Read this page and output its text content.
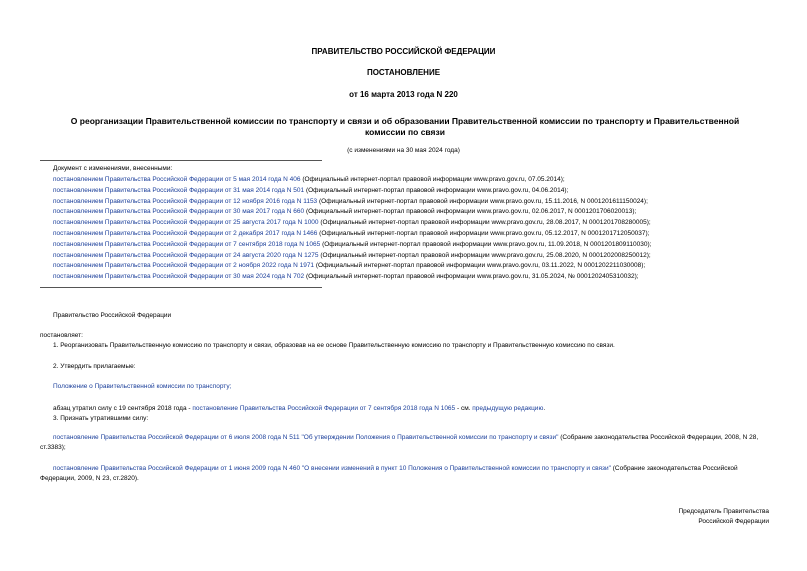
ПРАВИТЕЛЬСТВО РОССИЙСКОЙ ФЕДЕРАЦИИ
ПОСТАНОВЛЕНИЕ
от 16 марта 2013 года N 220
О реорганизации Правительственной комиссии по транспорту и связи и об образовании Правительственной комиссии по транспорту и Правительственной комиссии по связи
(с изменениями на 30 мая 2024 года)
Документ с изменениями, внесенными:
постановлением Правительства Российской Федерации от 5 мая 2014 года N 406 (Официальный интернет-портал правовой информации www.pravo.gov.ru, 07.05.2014);
постановлением Правительства Российской Федерации от 31 мая 2014 года N 501 (Официальный интернет-портал правовой информации www.pravo.gov.ru, 04.06.2014);
постановлением Правительства Российской Федерации от 12 ноября 2016 года N 1153 (Официальный интернет-портал правовой информации www.pravo.gov.ru, 15.11.2016, N 0001201611150024);
постановлением Правительства Российской Федерации от 30 мая 2017 года N 660 (Официальный интернет-портал правовой информации www.pravo.gov.ru, 02.06.2017, N 0001201706020013);
постановлением Правительства Российской Федерации от 25 августа 2017 года N 1000 (Официальный интернет-портал правовой информации www.pravo.gov.ru, 28.08.2017, N 0001201708280005);
постановлением Правительства Российской Федерации от 2 декабря 2017 года N 1466 (Официальный интернет-портал правовой информации www.pravo.gov.ru, 05.12.2017, N 0001201712050037);
постановлением Правительства Российской Федерации от 7 сентября 2018 года N 1065 (Официальный интернет-портал правовой информации www.pravo.gov.ru, 11.09.2018, N 0001201809110030);
постановлением Правительства Российской Федерации от 24 августа 2020 года N 1275 (Официальный интернет-портал правовой информации www.pravo.gov.ru, 25.08.2020, N 0001202008250012);
постановлением Правительства Российской Федерации от 2 ноября 2022 года N 1971 (Официальный интернет-портал правовой информации www.pravo.gov.ru, 03.11.2022, N 0001202211030008);
постановлением Правительства Российской Федерации от 30 мая 2024 года N 702 (Официальный интернет-портал правовой информации www.pravo.gov.ru, 31.05.2024, № 0001202405310032);
Правительство Российской Федерации
постановляет:
1. Реорганизовать Правительственную комиссию по транспорту и связи, образовав на ее основе Правительственную комиссию по транспорту и Правительственную комиссию по связи.
2. Утвердить прилагаемые:
Положение о Правительственной комиссии по транспорту;
абзац утратил силу с 19 сентября 2018 года - постановление Правительства Российской Федерации от 7 сентября 2018 года N 1065 - см. предыдущую редакцию.
3. Признать утратившими силу:
постановление Правительства Российской Федерации от 6 июля 2008 года N 511 "Об утверждении Положения о Правительственной комиссии по транспорту и связи" (Собрание законодательства Российской Федерации, 2008, N 28, ст.3383);
постановление Правительства Российской Федерации от 1 июня 2009 года N 460 "О внесении изменений в пункт 10 Положения о Правительственной комиссии по транспорту и связи" (Собрание законодательства Российской Федерации, 2009, N 23, ст.2820).
Председатель Правительства
Российской Федерации
